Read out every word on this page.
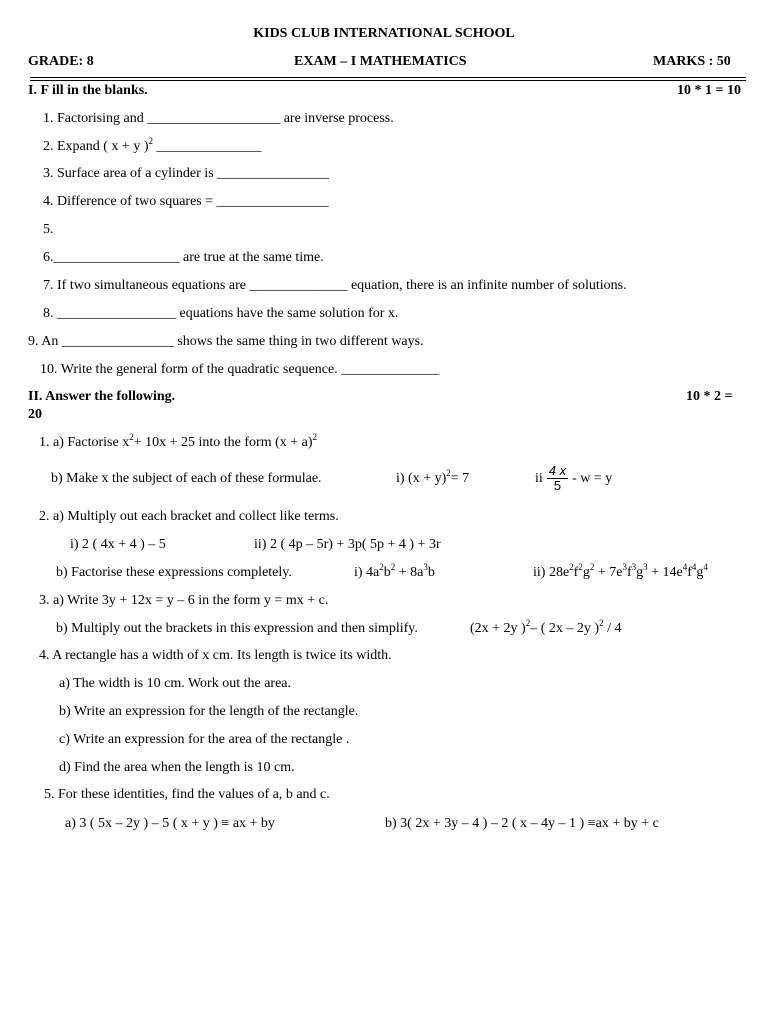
KIDS CLUB INTERNATIONAL SCHOOL
GRADE: 8	EXAM – I MATHEMATICS	MARKS : 50
I. F ill in the blanks.	10 * 1 = 10
1. Factorising and ___________________ are inverse process.
2. Expand ( x + y )$^2$ _______________
3. Surface area of a cylinder is ________________
4. Difference of two squares = ________________
5.
6.__________________ are true at the same time.
7. If two simultaneous equations are ______________ equation, there is an infinite number of solutions.
8. _________________ equations have the same solution for x.
9. An ________________ shows the same thing in two different ways.
10. Write the general form of the quadratic sequence. ______________
II. Answer the following.	10 * 2 =
20
1. a) Factorise $x^2+ 10x + 25$ into the form $(x + a)^2$
b) Make x the subject of each of these formulae.	i) $(x + y)^2= 7$	ii $\frac{4 x}{5} - w = y$
2. a) Multiply out each bracket and collect like terms.
i) 2 ( 4x + 4 ) – 5	ii) 2 ( 4p – 5r) + 3p( 5p + 4 ) + 3r
b) Factorise these expressions completely.	i) $4a^2b^2 + 8a^3b$	ii) $28e^2f^2g^2 + 7e^3f^3g^3 + 14e^4f^4g^4$
3. a) Write 3y + 12x = y – 6 in the form y = mx + c.
b) Multiply out the brackets in this expression and then simplify.	(2x + 2y )$^2$– ( 2x – 2y )$^2$ / 4
4. A rectangle has a width of x cm. Its length is twice its width.
a) The width is 10 cm. Work out the area.
b) Write an expression for the length of the rectangle.
c) Write an expression for the area of the rectangle .
d) Find the area when the length is 10 cm.
5. For these identities, find the values of a, b and c.
a) 3 ( 5x – 2y ) – 5 ( x + y ) ≡ ax + by	b) 3( 2x + 3y – 4 ) – 2 ( x – 4y – 1 ) ≡ax + by + c
